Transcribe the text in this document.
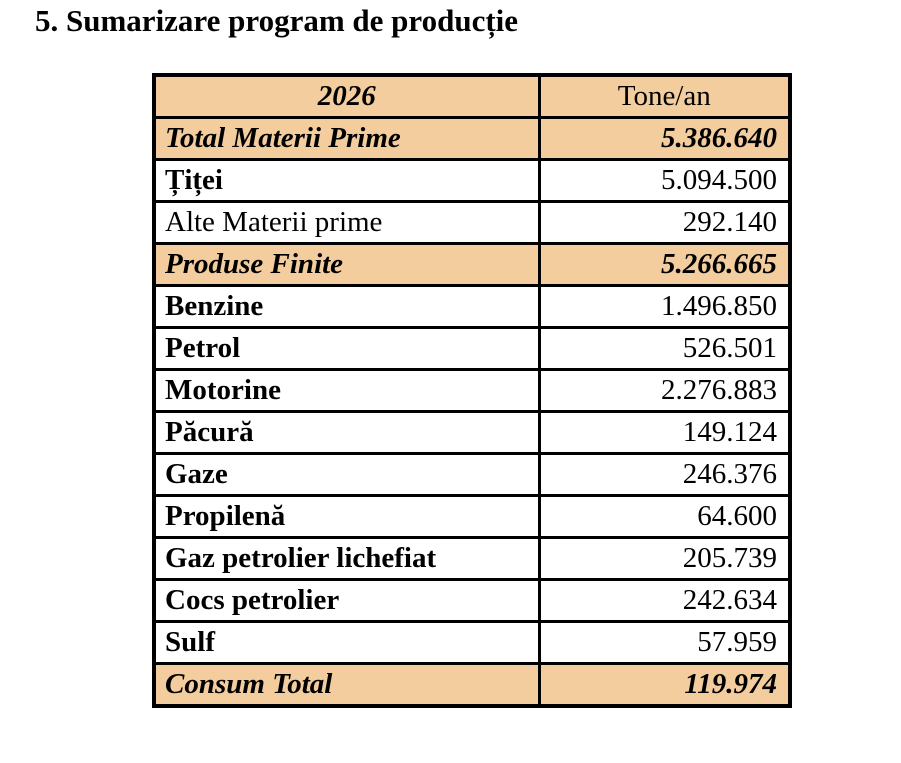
5. Sumarizare program de producție
2026	Tone/an
Total Materii Prime	5.386.640
Țiței	5.094.500
Alte Materii prime	292.140
Produse Finite	5.266.665
Benzine	1.496.850
Petrol	526.501
Motorine	2.276.883
Păcură	149.124
Gaze	246.376
Propilenă	64.600
Gaz petrolier lichefiat	205.739
Cocs petrolier	242.634
Sulf	57.959
Consum Total	119.974
